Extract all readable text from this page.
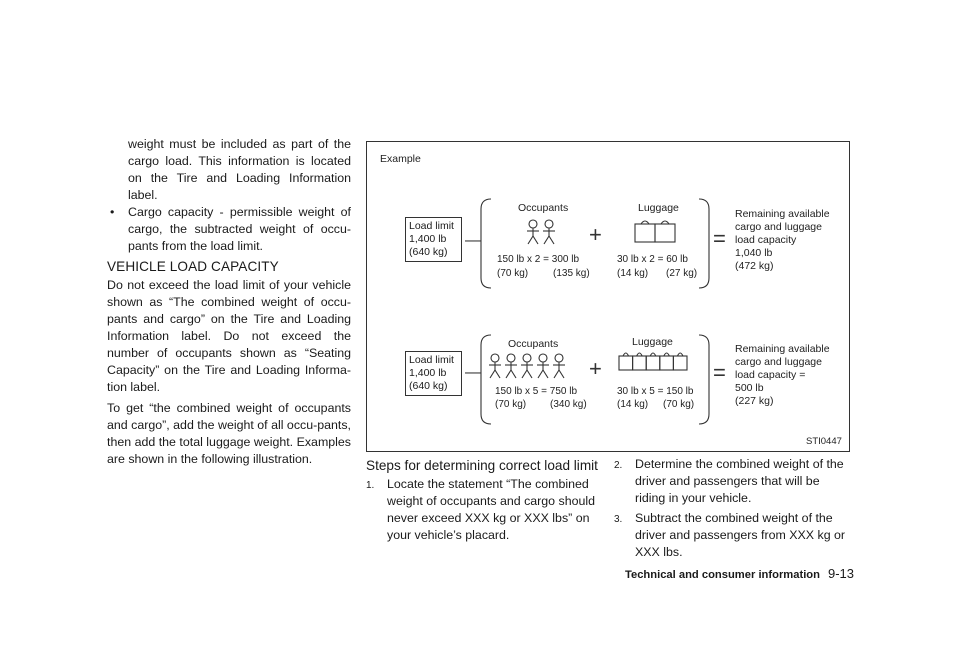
weight must be included as part of the cargo load. This information is located on the Tire and Loading Information label.

• Cargo capacity - permissible weight of cargo, the subtracted weight of occu-pants from the load limit.

VEHICLE LOAD CAPACITY

Do not exceed the load limit of your vehicle shown as “The combined weight of occu-pants and cargo” on the Tire and Loading Information label. Do not exceed the number of occupants shown as “Seating Capacity” on the Tire and Loading Informa-tion label.

To get “the combined weight of occupants and cargo”, add the weight of all occu-pants, then add the total luggage weight. Examples are shown in the following illustration.

Example
Load limit
1,400 lb
(640 kg)
—
Occupants
+
Luggage
150 lb x 2 = 300 lb
(70 kg) (135 kg)
30 lb x 2 = 60 lb
(14 kg) (27 kg)
=
Remaining available
cargo and luggage
load capacity
1,040 lb
(472 kg)
Load limit
1,400 lb
(640 kg)
—
Occupants
+
Luggage
150 lb x 5 = 750 lb
(70 kg) (340 kg)
30 lb x 5 = 150 lb
(14 kg) (70 kg)
=
Remaining available
cargo and luggage
load capacity =
500 lb
(227 kg)
STI0447
Steps for determining correct load limit
1.	Locate the statement “The combined weight of occupants and cargo should never exceed XXX kg or XXX lbs” on your vehicle’s placard.
2.	Determine the combined weight of the driver and passengers that will be riding in your vehicle.
3.	Subtract the combined weight of the driver and passengers from XXX kg or XXX lbs.
Technical and consumer information 9-13
